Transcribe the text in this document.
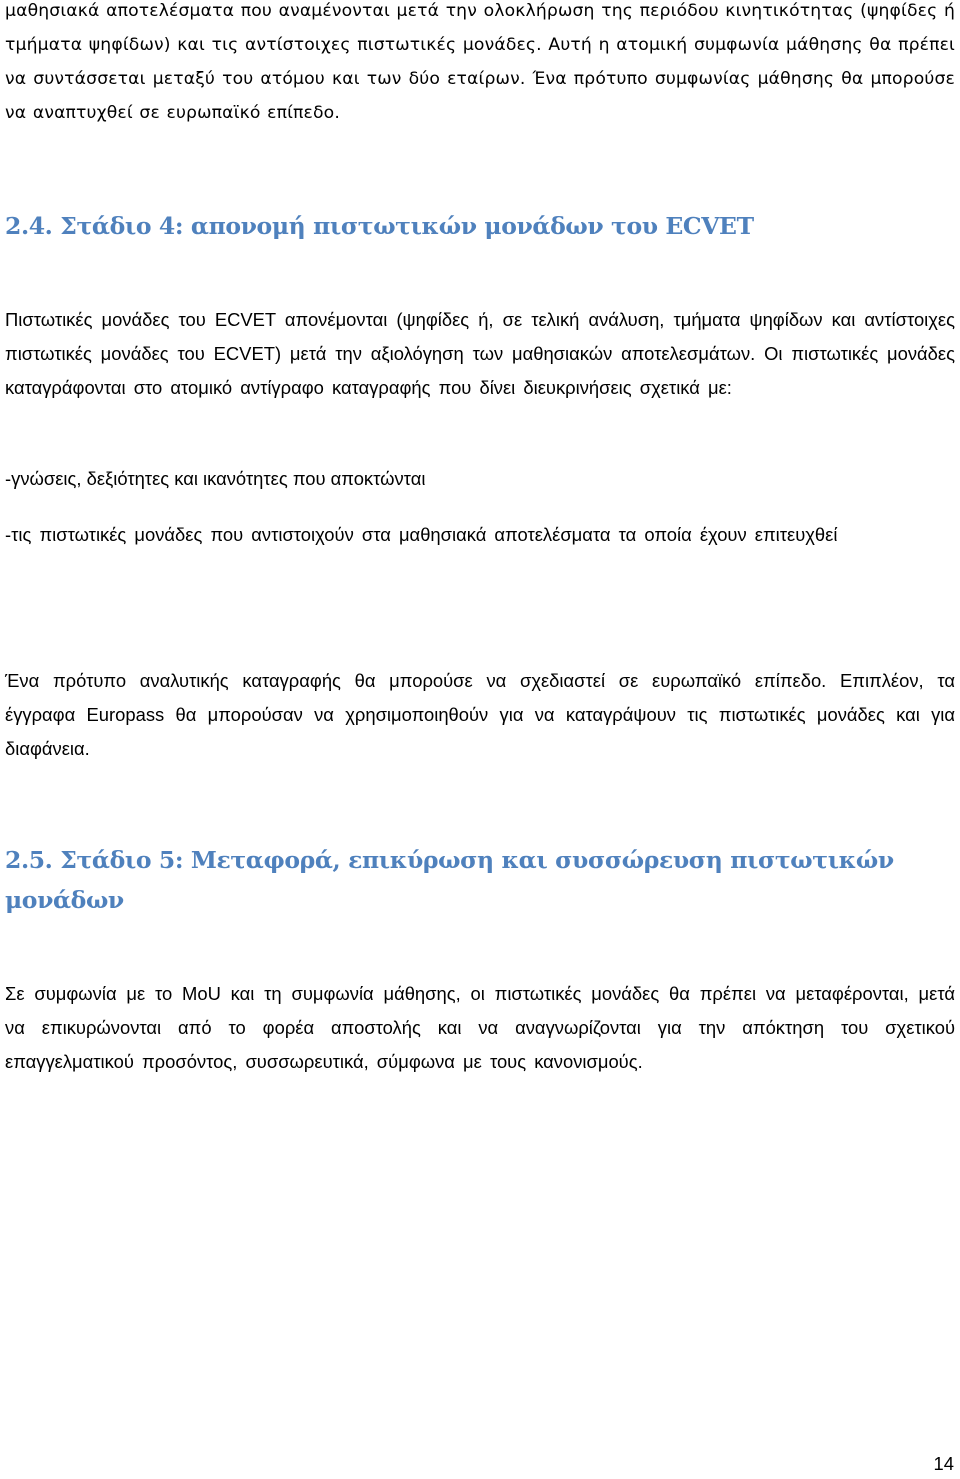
μαθησιακά αποτελέσματα που αναμένονται μετά την ολοκλήρωση της περιόδου κινητικότητας (ψηφίδες ή τμήματα ψηφίδων) και τις αντίστοιχες πιστωτικές μονάδες. Αυτή η ατομική συμφωνία μάθησης θα πρέπει να συντάσσεται μεταξύ του ατόμου και των δύο εταίρων. Ένα πρότυπο συμφωνίας μάθησης θα μπορούσε να αναπτυχθεί σε ευρωπαϊκό επίπεδο.

2.4. Στάδιο 4: απονομή πιστωτικών μονάδων του ECVET

Πιστωτικές μονάδες του ECVET απονέμονται (ψηφίδες ή, σε τελική ανάλυση, τμήματα ψηφίδων και αντίστοιχες πιστωτικές μονάδες του ECVET) μετά την αξιολόγηση των μαθησιακών αποτελεσμάτων. Οι πιστωτικές μονάδες καταγράφονται στο ατομικό αντίγραφο καταγραφής που δίνει διευκρινήσεις σχετικά με:

-γνώσεις, δεξιότητες και ικανότητες που αποκτώνται

-τις πιστωτικές μονάδες που αντιστοιχούν στα μαθησιακά αποτελέσματα τα οποία έχουν επιτευχθεί

Ένα πρότυπο αναλυτικής καταγραφής θα μπορούσε να σχεδιαστεί σε ευρωπαϊκό επίπεδο. Επιπλέον, τα έγγραφα Europass θα μπορούσαν να χρησιμοποιηθούν για να καταγράψουν τις πιστωτικές μονάδες και για διαφάνεια.

2.5. Στάδιο 5: Μεταφορά, επικύρωση και συσσώρευση πιστωτικών μονάδων

Σε συμφωνία με το MoU και τη συμφωνία μάθησης, οι πιστωτικές μονάδες θα πρέπει να μεταφέρονται, μετά να επικυρώνονται από το φορέα αποστολής και να αναγνωρίζονται για την απόκτηση του σχετικού επαγγελματικού προσόντος, συσσωρευτικά, σύμφωνα με τους κανονισμούς.

14
